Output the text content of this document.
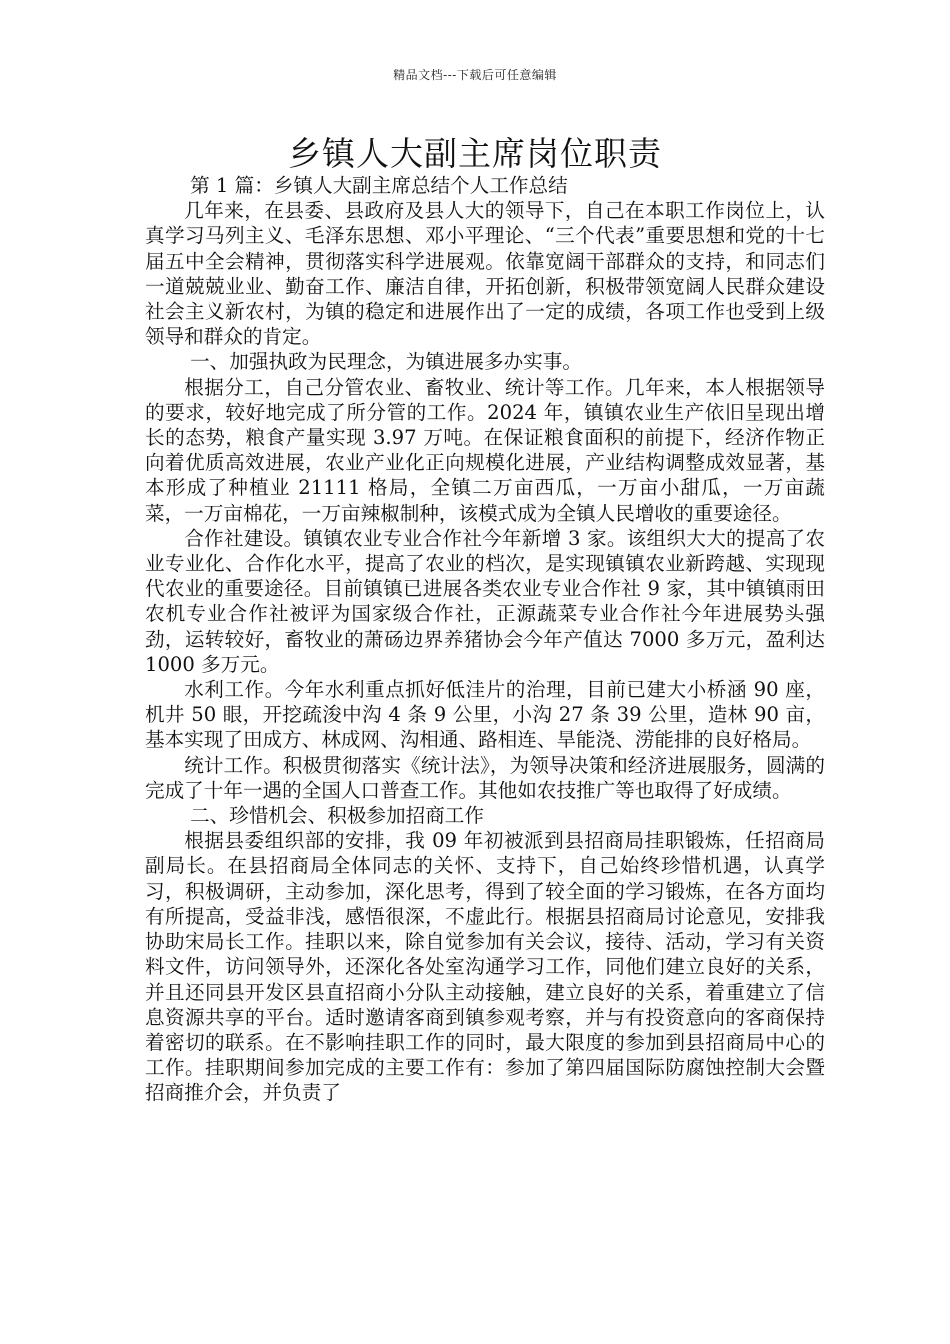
精品文档---下载后可任意编辑
乡镇人大副主席岗位职责

第 1 篇：乡镇人大副主席总结个人工作总结

几年来，在县委、县政府及县人大的领导下，自己在本职工作岗位上，认真学习马列主义、毛泽东思想、邓小平理论、“三个代表”重要思想和党的十七届五中全会精神，贯彻落实科学进展观。依靠宽阔干部群众的支持，和同志们一道兢兢业业、勤奋工作、廉洁自律，开拓创新，积极带领宽阔人民群众建设社会主义新农村，为镇的稳定和进展作出了一定的成绩，各项工作也受到上级领导和群众的肯定。

一、加强执政为民理念，为镇进展多办实事。

根据分工，自己分管农业、畜牧业、统计等工作。几年来，本人根据领导的要求，较好地完成了所分管的工作。2024 年，镇镇农业生产依旧呈现出增长的态势，粮食产量实现 3.97 万吨。在保证粮食面积的前提下，经济作物正向着优质高效进展，农业产业化正向规模化进展，产业结构调整成效显著，基本形成了种植业 21111 格局，全镇二万亩西瓜，一万亩小甜瓜，一万亩蔬菜，一万亩棉花，一万亩辣椒制种，该模式成为全镇人民增收的重要途径。

合作社建设。镇镇农业专业合作社今年新增 3 家。该组织大大的提高了农业专业化、合作化水平，提高了农业的档次，是实现镇镇农业新跨越、实现现代农业的重要途径。目前镇镇已进展各类农业专业合作社 9 家，其中镇镇雨田农机专业合作社被评为国家级合作社，正源蔬菜专业合作社今年进展势头强劲，运转较好，畜牧业的萧砀边界养猪协会今年产值达 7000 多万元，盈利达 1000 多万元。

水利工作。今年水利重点抓好低洼片的治理，目前已建大小桥涵 90 座，机井 50 眼，开挖疏浚中沟 4 条 9 公里，小沟 27 条 39 公里，造林 90 亩，基本实现了田成方、林成网、沟相通、路相连、旱能浇、涝能排的良好格局。

统计工作。积极贯彻落实《统计法》，为领导决策和经济进展服务，圆满的完成了十年一遇的全国人口普查工作。其他如农技推广等也取得了好成绩。

二、珍惜机会、积极参加招商工作

根据县委组织部的安排，我 09 年初被派到县招商局挂职锻炼，任招商局副局长。在县招商局全体同志的关怀、支持下，自己始终珍惜机遇，认真学习，积极调研，主动参加，深化思考，得到了较全面的学习锻炼，在各方面均有所提高，受益非浅，感悟很深，不虚此行。根据县招商局讨论意见，安排我协助宋局长工作。挂职以来，除自觉参加有关会议，接待、活动，学习有关资料文件，访问领导外，还深化各处室沟通学习工作，同他们建立良好的关系，并且还同县开发区县直招商小分队主动接触，建立良好的关系，着重建立了信息资源共享的平台。适时邀请客商到镇参观考察，并与有投资意向的客商保持着密切的联系。在不影响挂职工作的同时，最大限度的参加到县招商局中心的工作。挂职期间参加完成的主要工作有：参加了第四届国际防腐蚀控制大会暨招商推介会，并负责了
